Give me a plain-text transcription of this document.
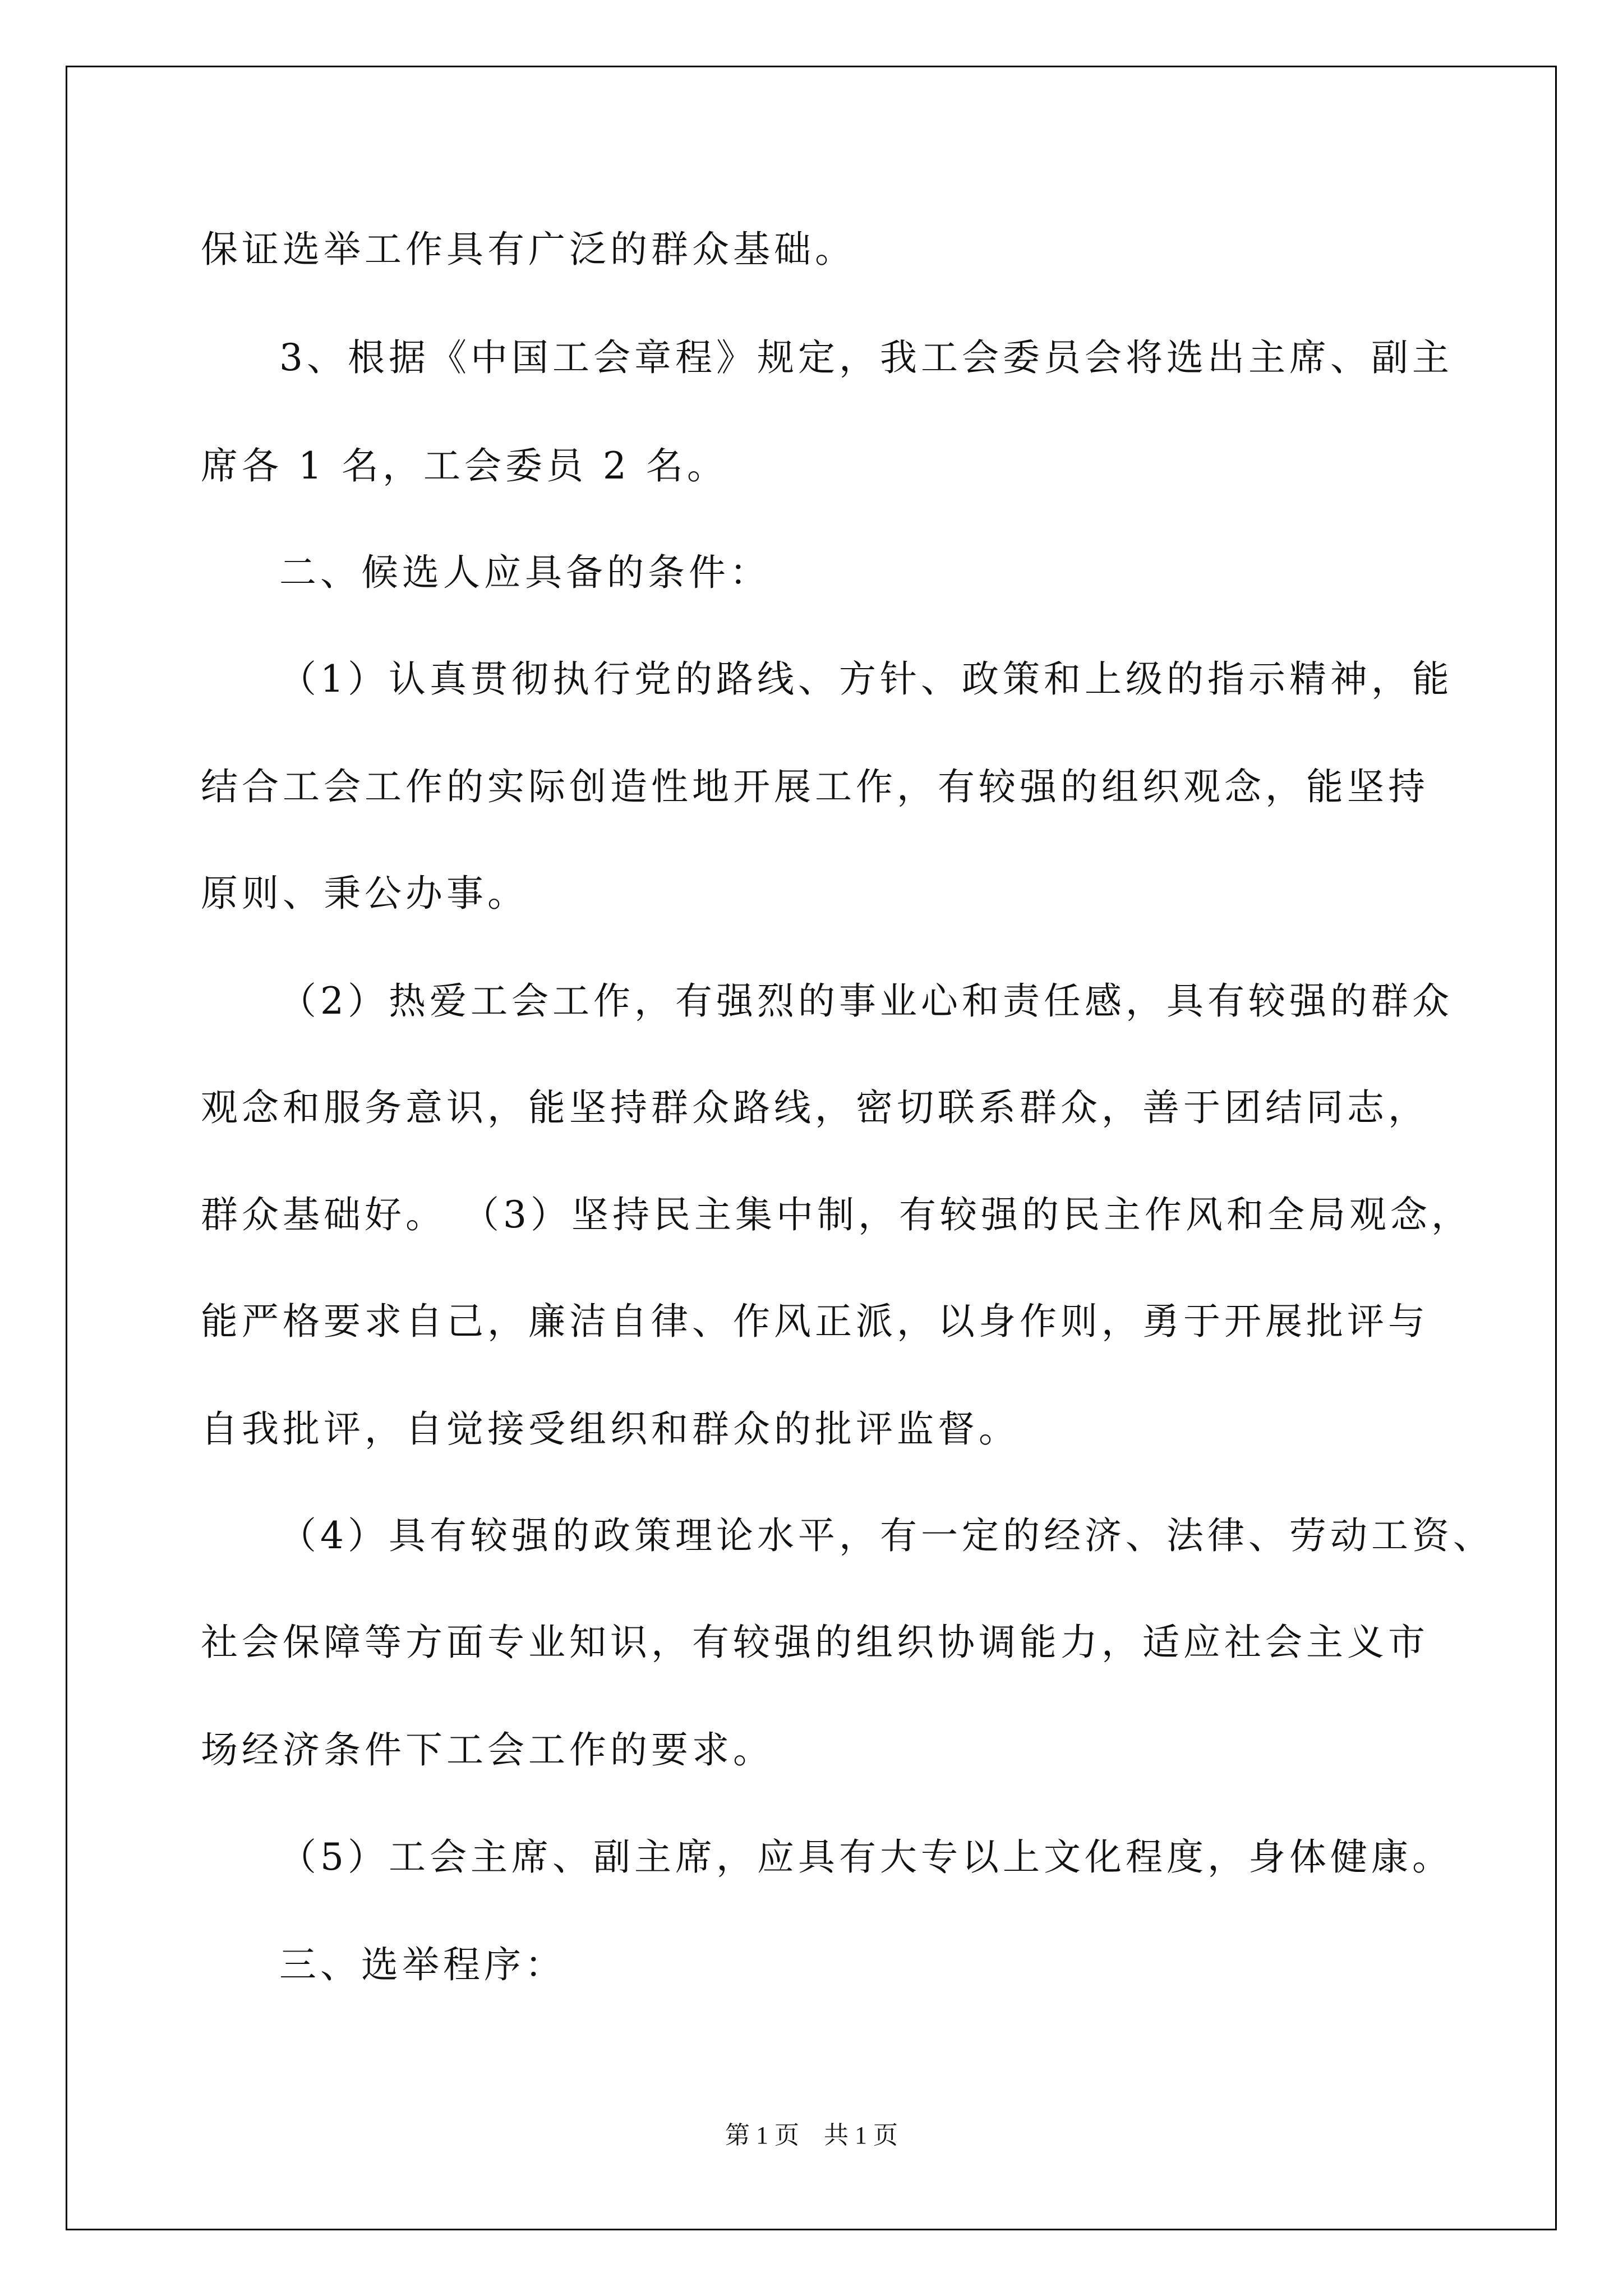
保证选举工作具有广泛的群众基础。
3、根据《中国工会章程》规定，我工会委员会将选出主席、副主
席各 1 名，工会委员 2 名。
二、候选人应具备的条件：
（1）认真贯彻执行党的路线、方针、政策和上级的指示精神，能
结合工会工作的实际创造性地开展工作，有较强的组织观念，能坚持
原则、秉公办事。
（2）热爱工会工作，有强烈的事业心和责任感，具有较强的群众
观念和服务意识，能坚持群众路线，密切联系群众，善于团结同志，
群众基础好。 （3）坚持民主集中制，有较强的民主作风和全局观念，
能严格要求自己，廉洁自律、作风正派，以身作则，勇于开展批评与
自我批评，自觉接受组织和群众的批评监督。
（4）具有较强的政策理论水平，有一定的经济、法律、劳动工资、
社会保障等方面专业知识，有较强的组织协调能力，适应社会主义市
场经济条件下工会工作的要求。
（5）工会主席、副主席，应具有大专以上文化程度，身体健康。
三、选举程序：
第 1 页　共 1 页
